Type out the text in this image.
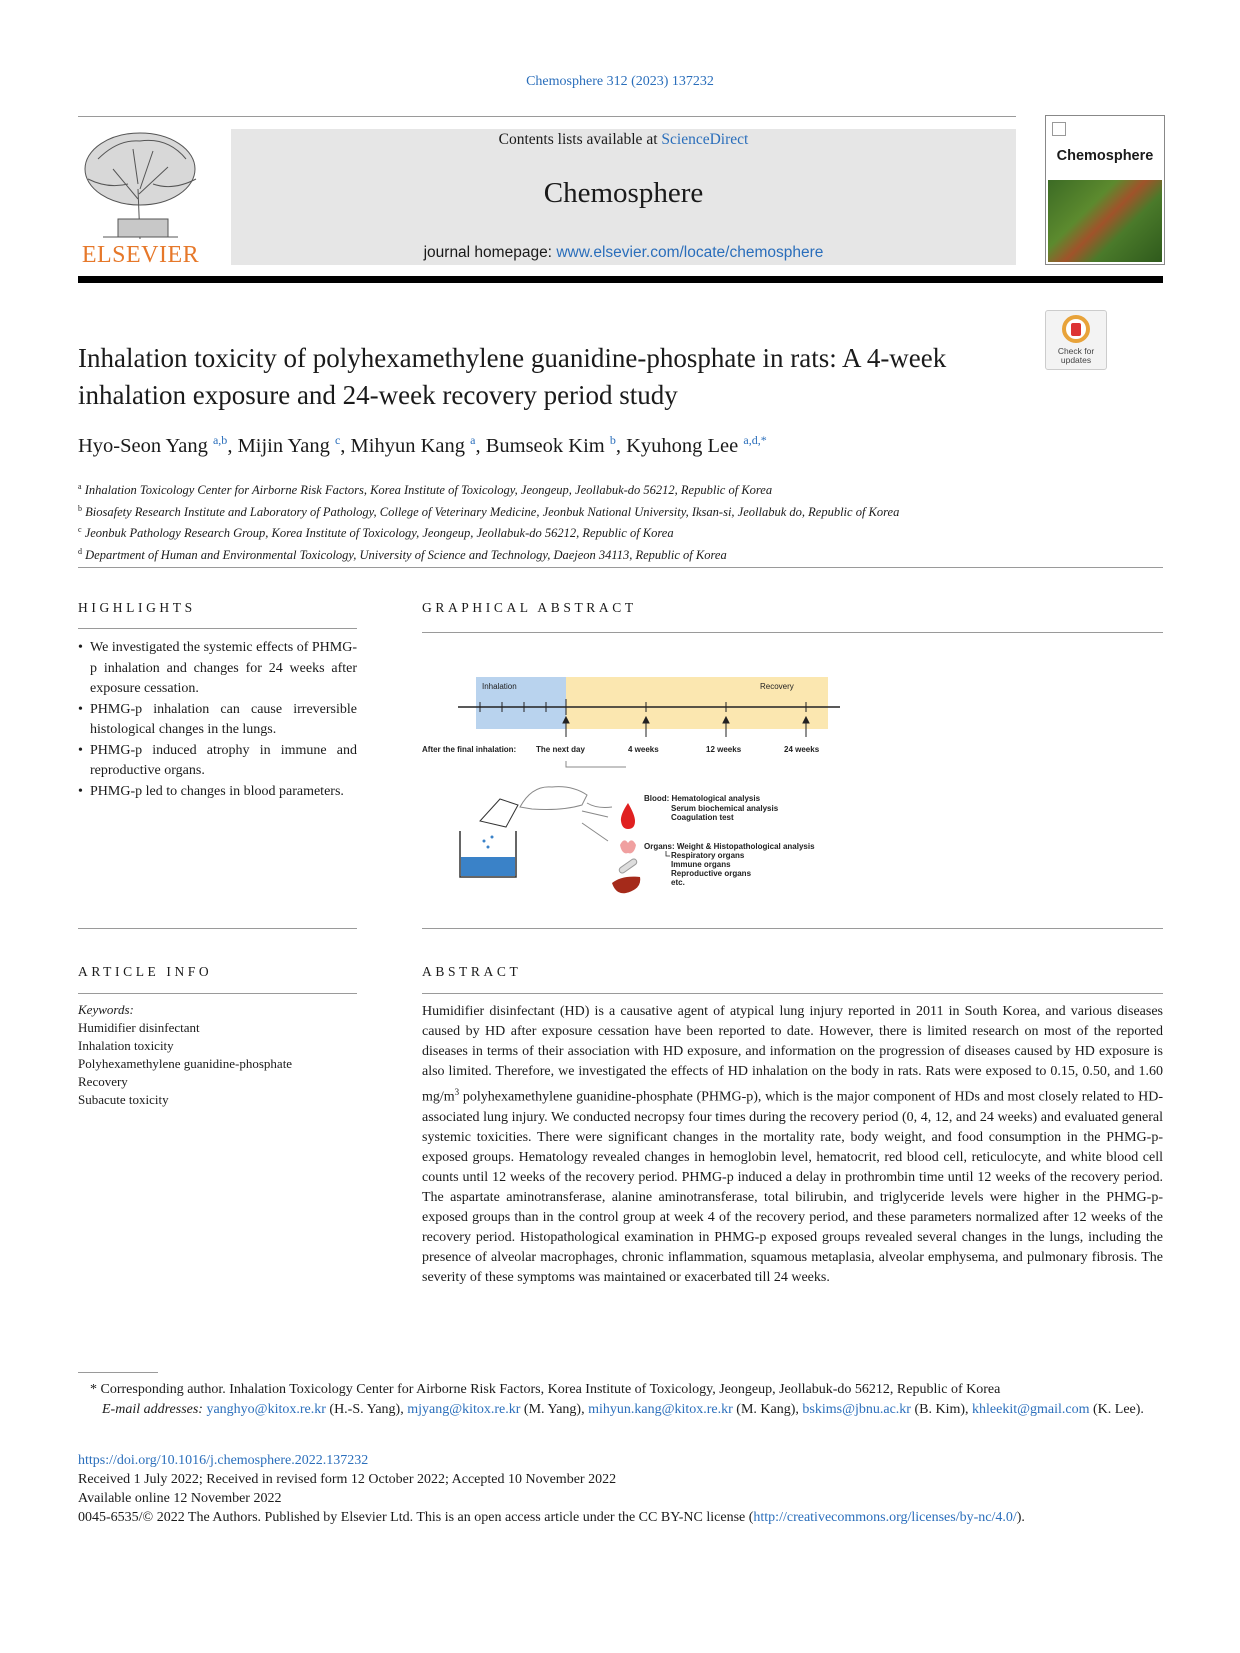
Chemosphere 312 (2023) 137232
ELSEVIER
Contents lists available at ScienceDirect
Chemosphere
journal homepage: www.elsevier.com/locate/chemosphere
Chemosphere
Check for updates
Inhalation toxicity of polyhexamethylene guanidine-phosphate in rats: A 4-week inhalation exposure and 24-week recovery period study
Hyo-Seon Yang $^{a,b}$, Mijin Yang $^c$, Mihyun Kang $^a$, Bumseok Kim $^b$, Kyuhong Lee $^{a,d,*}$
$^a$ Inhalation Toxicology Center for Airborne Risk Factors, Korea Institute of Toxicology, Jeongeup, Jeollabuk-do 56212, Republic of Korea
$^b$ Biosafety Research Institute and Laboratory of Pathology, College of Veterinary Medicine, Jeonbuk National University, Iksan-si, Jeollabuk do, Republic of Korea
$^c$ Jeonbuk Pathology Research Group, Korea Institute of Toxicology, Jeongeup, Jeollabuk-do 56212, Republic of Korea
$^d$ Department of Human and Environmental Toxicology, University of Science and Technology, Daejeon 34113, Republic of Korea
HIGHLIGHTS
• We investigated the systemic effects of PHMG-p inhalation and changes for 24 weeks after exposure cessation.
• PHMG-p inhalation can cause irreversible histological changes in the lungs.
• PHMG-p induced atrophy in immune and reproductive organs.
• PHMG-p led to changes in blood parameters.
GRAPHICAL ABSTRACT
Inhalation	Recovery
After the final inhalation: The next day	4 weeks	12 weeks	24 weeks
Blood: Hematological analysis
Serum biochemical analysis
Coagulation test
Organs: Weight & Histopathological analysis
Respiratory organs
Immune organs
Reproductive organs
etc.
ARTICLE INFO
Keywords:
Humidifier disinfectant
Inhalation toxicity
Polyhexamethylene guanidine-phosphate
Recovery
Subacute toxicity
ABSTRACT
Humidifier disinfectant (HD) is a causative agent of atypical lung injury reported in 2011 in South Korea, and various diseases caused by HD after exposure cessation have been reported to date. However, there is limited research on most of the reported diseases in terms of their association with HD exposure, and information on the progression of diseases caused by HD exposure is also limited. Therefore, we investigated the effects of HD inhalation on the body in rats. Rats were exposed to 0.15, 0.50, and 1.60 $mg/m^3$ polyhexamethylene guanidine-phosphate (PHMG-p), which is the major component of HDs and most closely related to HD-associated lung injury. We conducted necropsy four times during the recovery period (0, 4, 12, and 24 weeks) and evaluated general systemic toxicities. There were significant changes in the mortality rate, body weight, and food consumption in the PHMG-p-exposed groups. Hematology revealed changes in hemoglobin level, hematocrit, red blood cell, reticulocyte, and white blood cell counts until 12 weeks of the recovery period. PHMG-p induced a delay in prothrombin time until 12 weeks of the recovery period. The aspartate aminotransferase, alanine aminotransferase, total bilirubin, and triglyceride levels were higher in the PHMG-p-exposed groups than in the control group at week 4 of the recovery period, and these parameters normalized after 12 weeks of the recovery period. Histopathological examination in PHMG-p exposed groups revealed several changes in the lungs, including the presence of alveolar macrophages, chronic inflammation, squamous metaplasia, alveolar emphysema, and pulmonary fibrosis. The severity of these symptoms was maintained or exacerbated till 24 weeks.
* Corresponding author. Inhalation Toxicology Center for Airborne Risk Factors, Korea Institute of Toxicology, Jeongeup, Jeollabuk-do 56212, Republic of Korea
E-mail addresses: yanghyo@kitox.re.kr (H.-S. Yang), mjyang@kitox.re.kr (M. Yang), mihyun.kang@kitox.re.kr (M. Kang), bskims@jbnu.ac.kr (B. Kim), khleekit@gmail.com (K. Lee).
https://doi.org/10.1016/j.chemosphere.2022.137232
Received 1 July 2022; Received in revised form 12 October 2022; Accepted 10 November 2022
Available online 12 November 2022
0045-6535/© 2022 The Authors. Published by Elsevier Ltd. This is an open access article under the CC BY-NC license (http://creativecommons.org/licenses/by-nc/4.0/).
